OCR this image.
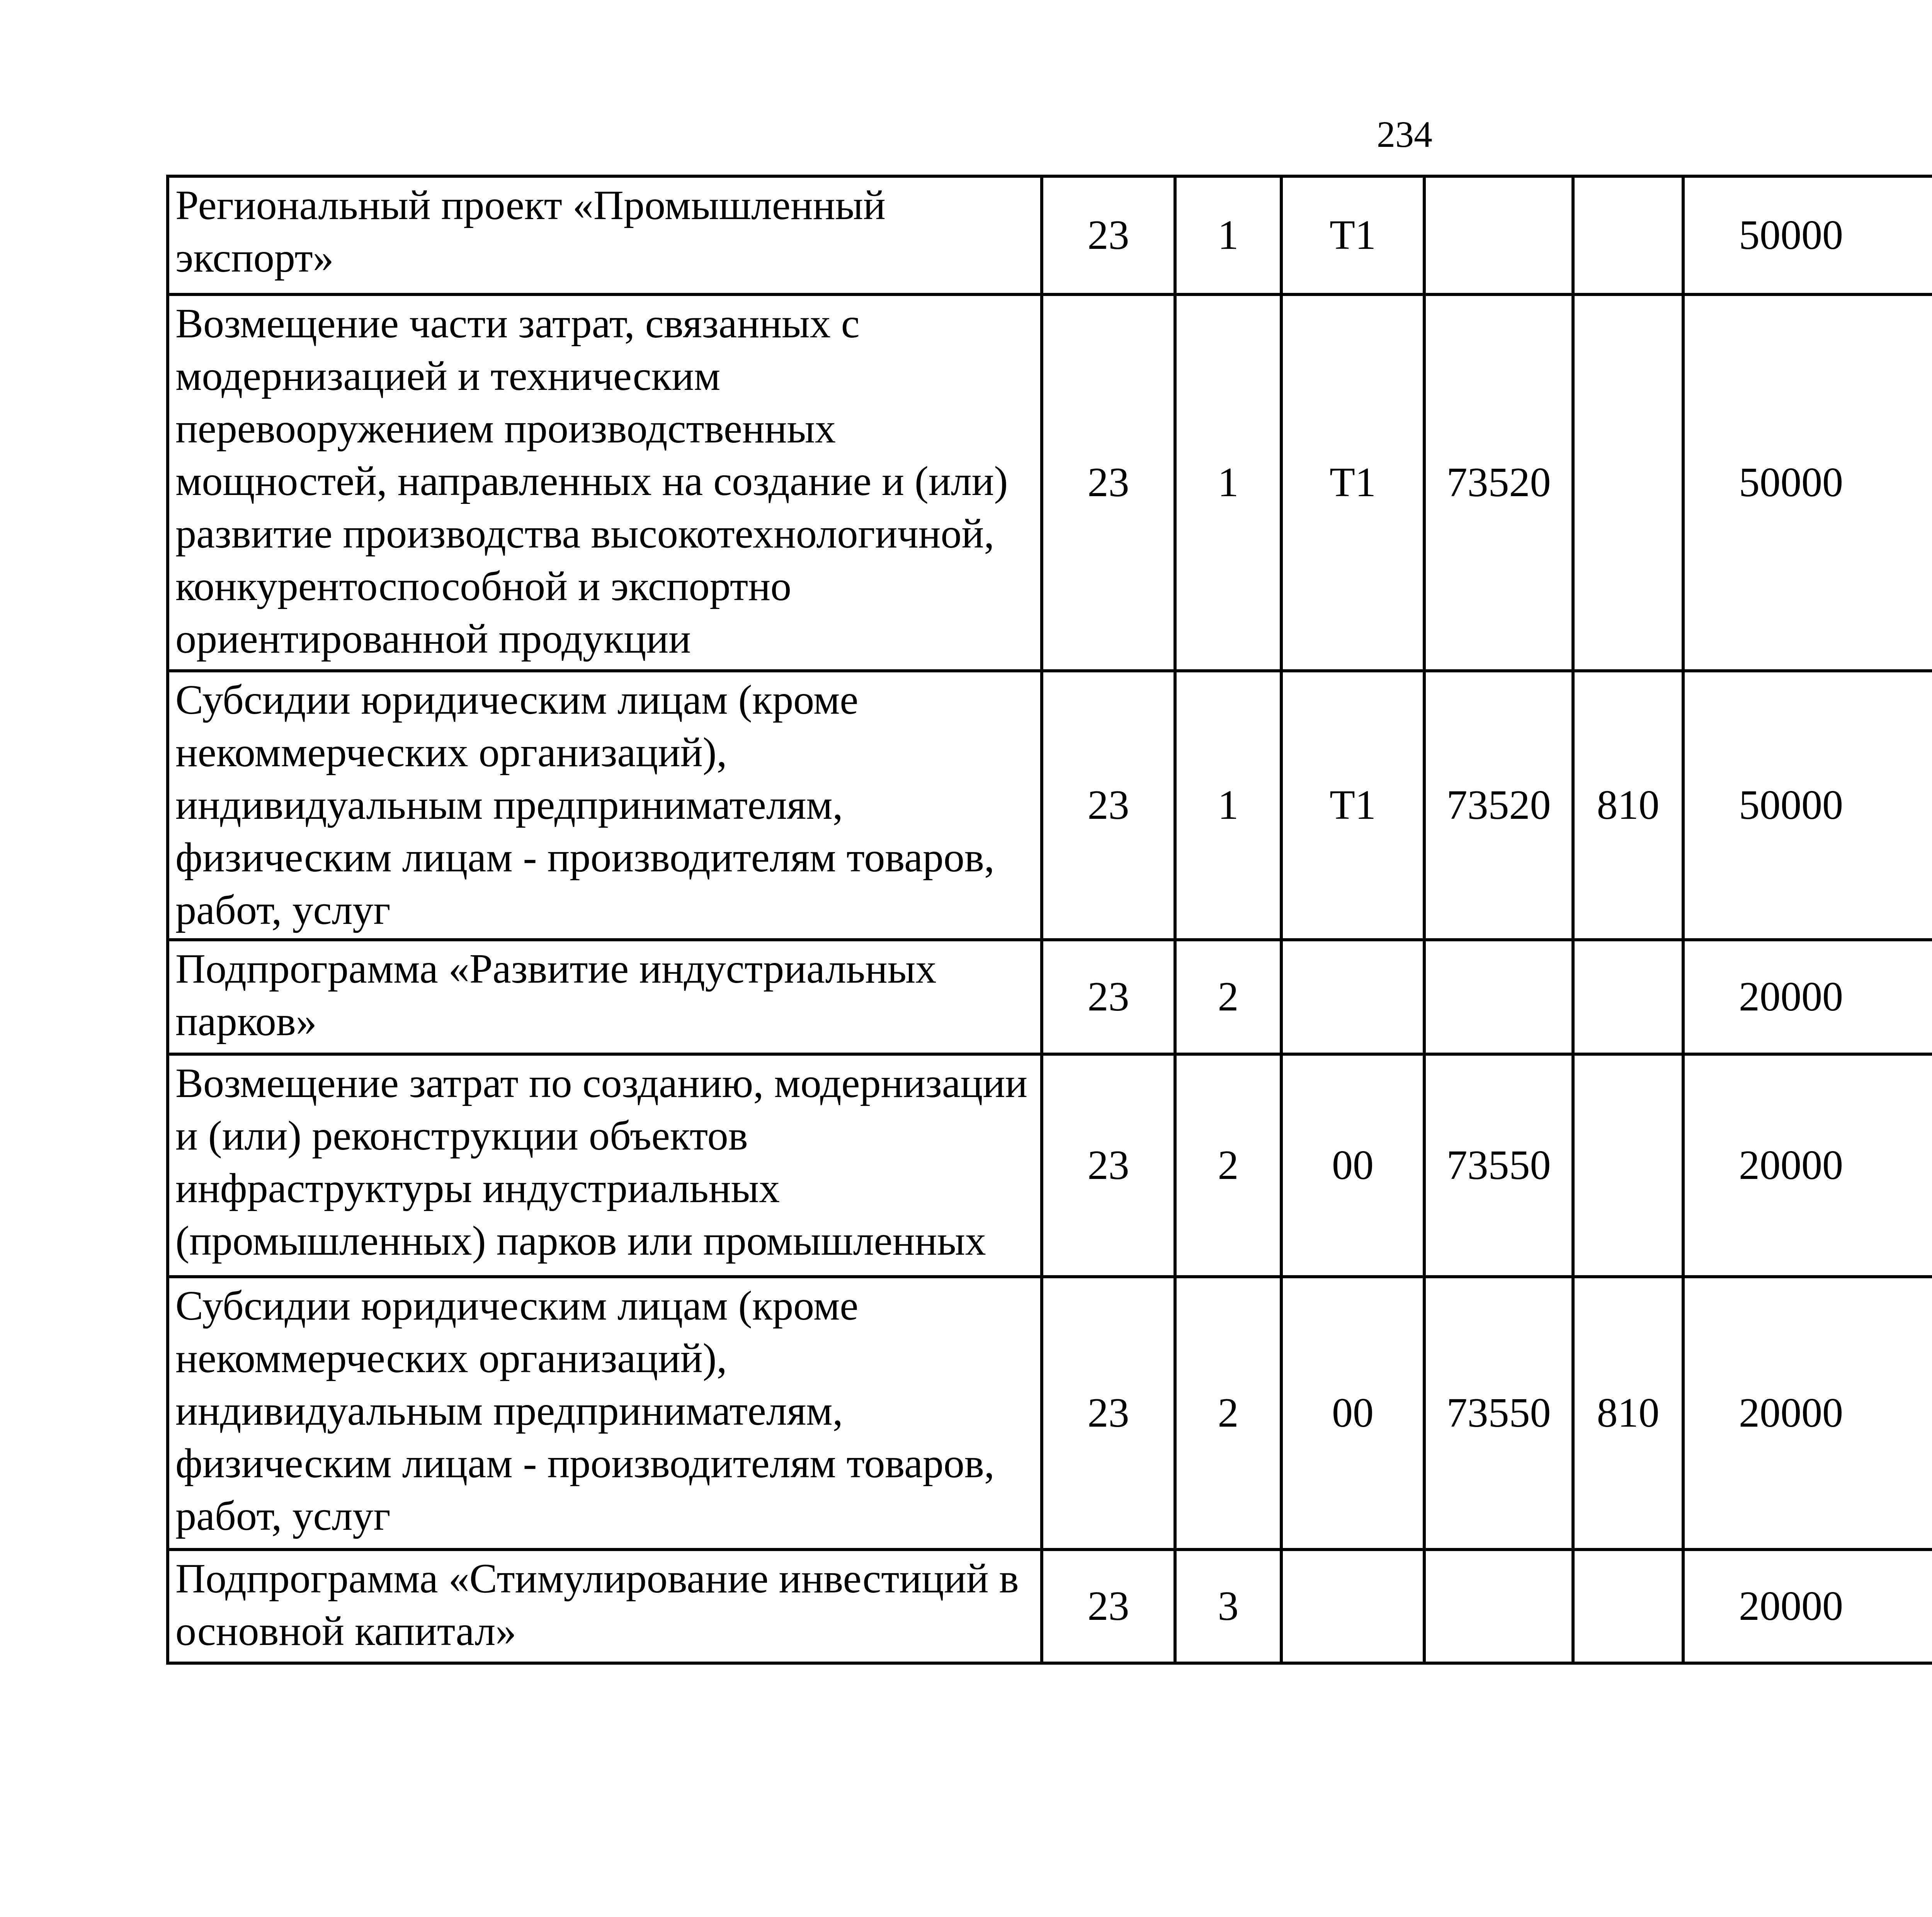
234
Региональный проект «Промышленный экспорт»	23	1	T1			50000		
Возмещение части затрат, связанных с модернизацией и техническим перевооружением производственных мощностей, направленных на создание и (или) развитие производства высокотехнологичной, конкурентоспособной и экспортно ориентированной продукции	23	1	T1	73520		50000		
Субсидии юридическим лицам (кроме некоммерческих организаций), индивидуальным предпринимателям, физическим лицам - производителям товаров, работ, услуг	23	1	T1	73520	810	50000		
Подпрограмма «Развитие индустриальных парков»	23	2				20000		
Возмещение затрат по созданию, модернизации и (или) реконструкции объектов инфраструктуры индустриальных (промышленных) парков или промышленных	23	2	00	73550		20000		
Субсидии юридическим лицам (кроме некоммерческих организаций), индивидуальным предпринимателям, физическим лицам - производителям товаров, работ, услуг	23	2	00	73550	810	20000		
Подпрограмма «Стимулирование инвестиций в основной капитал»	23	3				20000		
